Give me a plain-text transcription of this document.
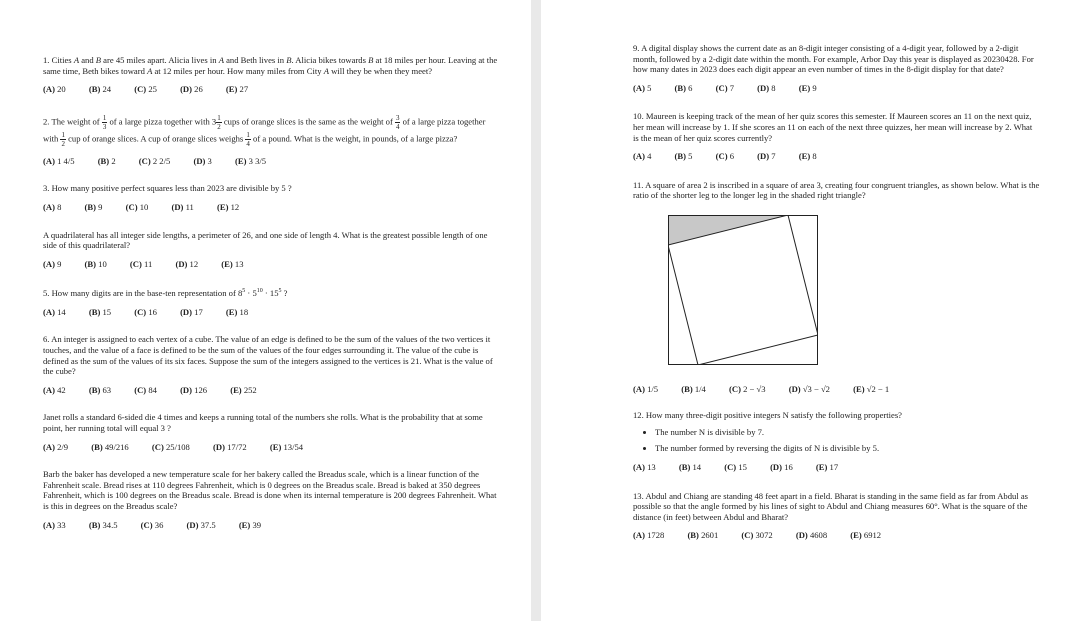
1. Cities A and B are 45 miles apart. Alicia lives in A and Beth lives in B. Alicia bikes towards B at 18 miles per hour. Leaving at the same time, Beth bikes toward A at 12 miles per hour. How many miles from City A will they be when they meet?

(A) 20	(B) 24	(C) 25	(D) 26	(E) 27

2. The weight of $\frac{1}{3}$ of a large pizza together with $3 \frac{1}{2}$ cups of orange slices is the same as the weight of $\frac{3}{4}$ of a large pizza together with $\frac{1}{2}$ cup of orange slices. A cup of orange slices weighs $\frac{1}{4}$ of a pound. What is the weight, in pounds, of a large pizza?

(A) 1 4/5	(B) 2	(C) 2 2/5	(D) 3	(E) 3 3/5

3. How many positive perfect squares less than 2023 are divisible by 5 ?

(A) 8	(B) 9	(C) 10	(D) 11	(E) 12

A quadrilateral has all integer side lengths, a perimeter of 26, and one side of length 4. What is the greatest possible length of one side of this quadrilateral?

(A) 9	(B) 10	(C) 11	(D) 12	(E) 13

5. How many digits are in the base-ten representation of $8^5 \cdot 5^{10} \cdot 15^5$ ?

(A) 14	(B) 15	(C) 16	(D) 17	(E) 18

6. An integer is assigned to each vertex of a cube. The value of an edge is defined to be the sum of the values of the two vertices it touches, and the value of a face is defined to be the sum of the values of the four edges surrounding it. The value of the cube is defined as the sum of the values of its six faces. Suppose the sum of the integers assigned to the vertices is 21. What is the value of the cube?

(A) 42	(B) 63	(C) 84	(D) 126	(E) 252

Janet rolls a standard 6-sided die 4 times and keeps a running total of the numbers she rolls. What is the probability that at some point, her running total will equal 3 ?

(A) 2/9	(B) 49/216	(C) 25/108	(D) 17/72	(E) 13/54

Barb the baker has developed a new temperature scale for her bakery called the Breadus scale, which is a linear function of the Fahrenheit scale. Bread rises at 110 degrees Fahrenheit, which is 0 degrees on the Breadus scale. Bread is baked at 350 degrees Fahrenheit, which is 100 degrees on the Breadus scale. Bread is done when its internal temperature is 200 degrees Fahrenheit. What is this in degrees on the Breadus scale?

(A) 33	(B) 34.5	(C) 36	(D) 37.5	(E) 39

9. A digital display shows the current date as an 8-digit integer consisting of a 4-digit year, followed by a 2-digit month, followed by a 2-digit date within the month. For example, Arbor Day this year is displayed as 20230428. For how many dates in 2023 does each digit appear an even number of times in the 8-digit display for that date?

(A) 5	(B) 6	(C) 7	(D) 8	(E) 9

10. Maureen is keeping track of the mean of her quiz scores this semester. If Maureen scores an 11 on the next quiz, her mean will increase by 1. If she scores an 11 on each of the next three quizzes, her mean will increase by 2. What is the mean of her quiz scores currently?

(A) 4	(B) 5	(C) 6	(D) 7	(E) 8

11. A square of area 2 is inscribed in a square of area 3, creating four congruent triangles, as shown below. What is the ratio of the shorter leg to the longer leg in the shaded right triangle?

(A) 1/5	(B) 1/4	(C) 2 − √3	(D) √3 − √2	(E) √2 − 1

12. How many three-digit positive integers N satisfy the following properties?

• The number N is divisible by 7.
• The number formed by reversing the digits of N is divisible by 5.
(A) 13	(B) 14	(C) 15	(D) 16	(E) 17

13. Abdul and Chiang are standing 48 feet apart in a field. Bharat is standing in the same field as far from Abdul as possible so that the angle formed by his lines of sight to Abdul and Chiang measures 60°. What is the square of the distance (in feet) between Abdul and Bharat?

(A) 1728	(B) 2601	(C) 3072	(D) 4608	(E) 6912
